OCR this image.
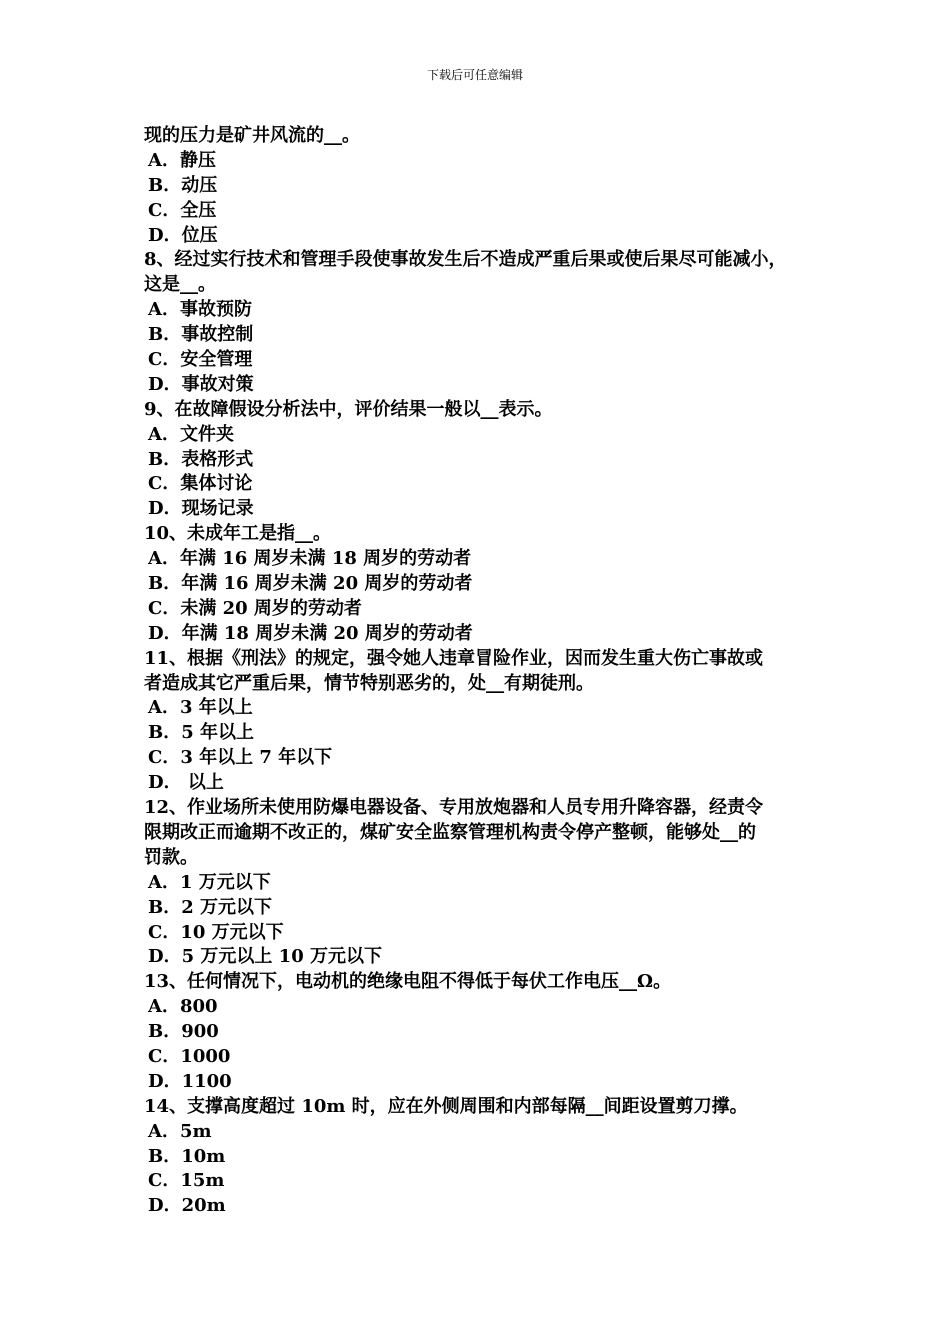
下载后可任意编辑
现的压力是矿井风流的__。
A．静压
B．动压
C．全压
D．位压
8、经过实行技术和管理手段使事故发生后不造成严重后果或使后果尽可能减小，
这是__。
A．事故预防
B．事故控制
C．安全管理
D．事故对策
9、在故障假设分析法中，评价结果一般以__表示。
A．文件夹
B．表格形式
C．集体讨论
D．现场记录
10、未成年工是指__。
A．年满 16 周岁未满 18 周岁的劳动者
B．年满 16 周岁未满 20 周岁的劳动者
C．未满 20 周岁的劳动者
D．年满 18 周岁未满 20 周岁的劳动者
11、根据《刑法》的规定，强令她人违章冒险作业，因而发生重大伤亡事故或
者造成其它严重后果，情节特别恶劣的，处__有期徒刑。
A．3 年以上
B．5 年以上
C．3 年以上 7 年以下
D． 以上
12、作业场所未使用防爆电器设备、专用放炮器和人员专用升降容器，经责令
限期改正而逾期不改正的，煤矿安全监察管理机构责令停产整顿，能够处__的
罚款。
A．1 万元以下
B．2 万元以下
C．10 万元以下
D．5 万元以上 10 万元以下
13、任何情况下，电动机的绝缘电阻不得低于每伏工作电压__Ω。
A．800
B．900
C．1000
D．1100
14、支撑高度超过 10m 时，应在外侧周围和内部每隔__间距设置剪刀撑。
A．5m
B．10m
C．15m
D．20m
